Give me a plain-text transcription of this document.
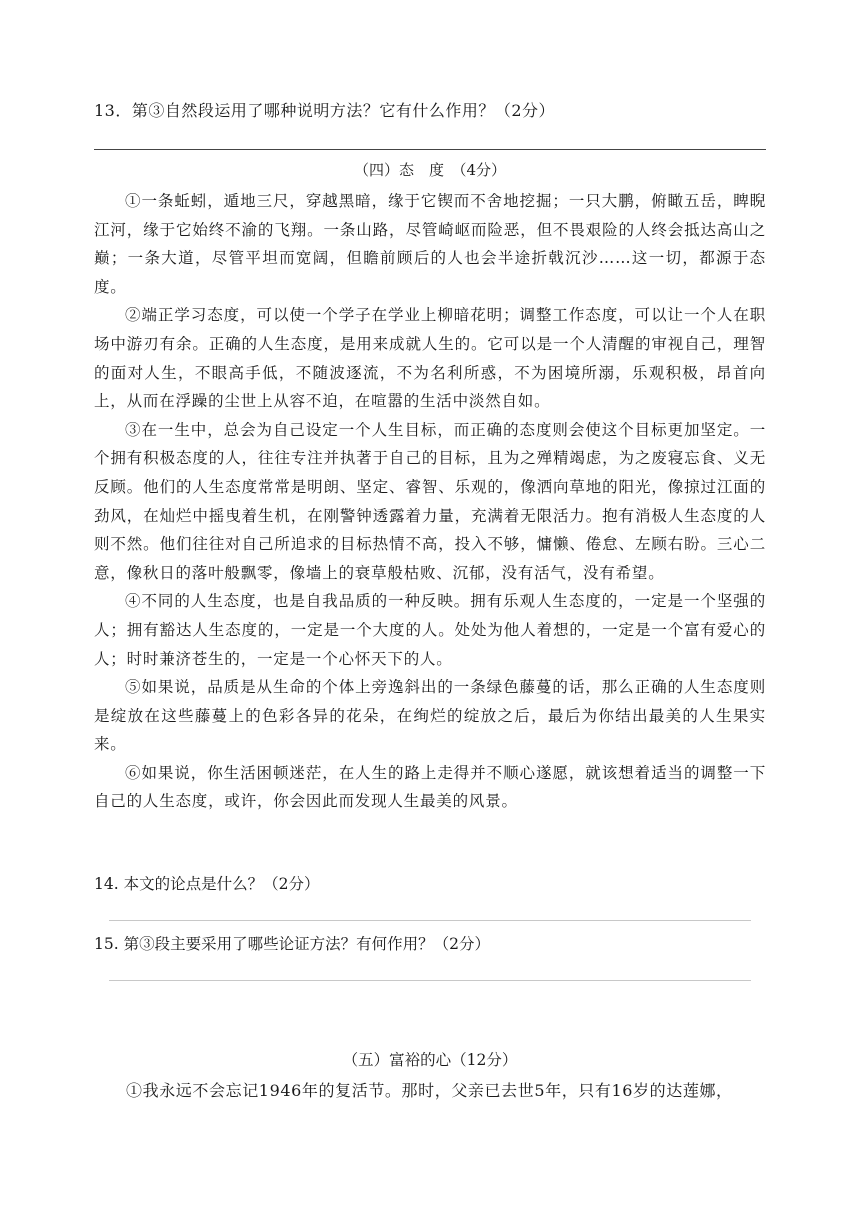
13．第③自然段运用了哪种说明方法？它有什么作用？（2分）
（四）态　度　（4分）

①一条蚯蚓，遁地三尺，穿越黑暗，缘于它锲而不舍地挖掘；一只大鹏，俯瞰五岳，睥睨江河，缘于它始终不渝的飞翔。一条山路，尽管崎岖而险恶，但不畏艰险的人终会抵达高山之巅；一条大道，尽管平坦而宽阔，但瞻前顾后的人也会半途折戟沉沙……这一切，都源于态度。

②端正学习态度，可以使一个学子在学业上柳暗花明；调整工作态度，可以让一个人在职场中游刃有余。正确的人生态度，是用来成就人生的。它可以是一个人清醒的审视自己，理智的面对人生，不眼高手低，不随波逐流，不为名利所惑，不为困境所溺，乐观积极，昂首向上，从而在浮躁的尘世上从容不迫，在喧嚣的生活中淡然自如。

③在一生中，总会为自己设定一个人生目标，而正确的态度则会使这个目标更加坚定。一个拥有积极态度的人，往往专注并执著于自己的目标，且为之殚精竭虑，为之废寝忘食、义无反顾。他们的人生态度常常是明朗、坚定、睿智、乐观的，像洒向草地的阳光，像掠过江面的劲风，在灿烂中摇曳着生机，在刚警钟透露着力量，充满着无限活力。抱有消极人生态度的人则不然。他们往往对自己所追求的目标热情不高，投入不够，慵懒、倦怠、左顾右盼。三心二意，像秋日的落叶般飘零，像墙上的衰草般枯败、沉郁，没有活气，没有希望。

④不同的人生态度，也是自我品质的一种反映。拥有乐观人生态度的，一定是一个坚强的人；拥有豁达人生态度的，一定是一个大度的人。处处为他人着想的，一定是一个富有爱心的人；时时兼济苍生的，一定是一个心怀天下的人。

⑤如果说，品质是从生命的个体上旁逸斜出的一条绿色藤蔓的话，那么正确的人生态度则是绽放在这些藤蔓上的色彩各异的花朵，在绚烂的绽放之后，最后为你结出最美的人生果实来。

⑥如果说，你生活困顿迷茫，在人生的路上走得并不顺心遂愿，就该想着适当的调整一下自己的人生态度，或许，你会因此而发现人生最美的风景。

14. 本文的论点是什么？（2分）
15. 第③段主要采用了哪些论证方法？有何作用？（2分）
（五）富裕的心（12分）

①我永远不会忘记1946年的复活节。那时，父亲已去世5年，只有16岁的达莲娜，
